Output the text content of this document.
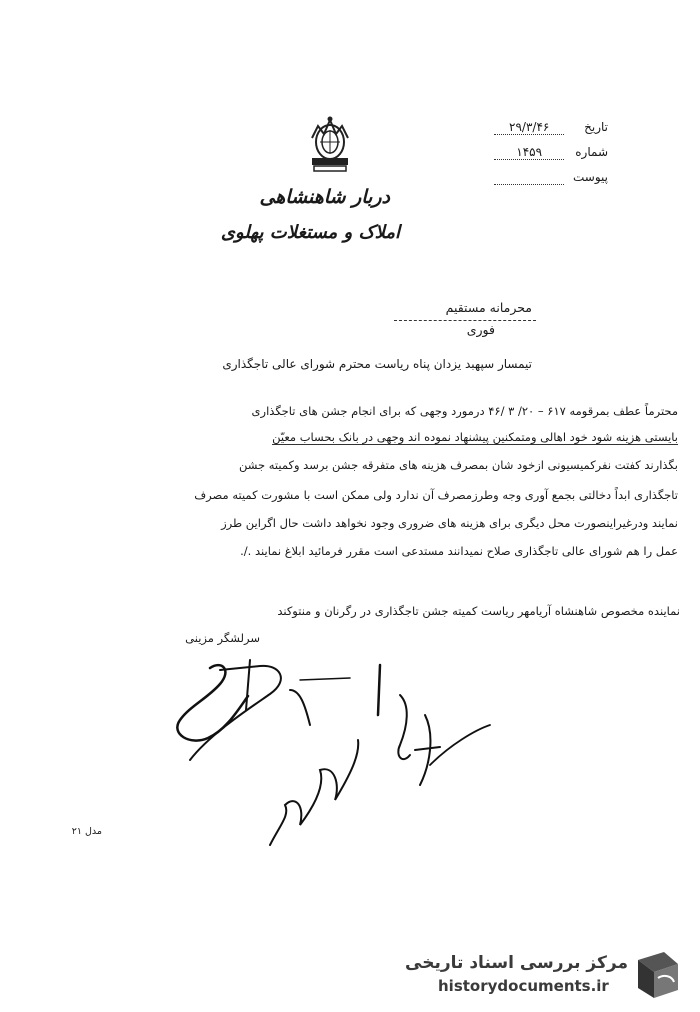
تاریخ ۲۹/۳/۴۶
شماره ۱۴۵۹
پیوست
دربار شاهنشاهی
املاک و مستغلات پهلوی
محرمانه مستقیم
فوری
تیمسار سپهبد یزدان پناه ریاست محترم شورای عالی تاجگذاری
محترماً عطف بمرقومه ۶۱۷ – ۲۰/ ۳ /۴۶ درمورد وجهی که برای انجام جشن های تاجگذاری
بایستی هزینه شود خود اهالی ومتمکنین پیشنهاد نموده اند وجهی در بانک بحساب معیّن
بگذارند کفتت نفرکمیسیونی ازخود شان بمصرف هزینه های متفرقه جشن برسد وکمیته جشن
تاجگذاری ابداً دخالتی بجمع آوری وجه وطرزمصرف آن ندارد ولی ممکن است با مشورت کمیته مصرف
نمایند ودرغیراینصورت محل دیگری برای هزینه های ضروری وجود نخواهد داشت حال اگراین طرز
عمل را هم شورای عالی تاجگذاری صلاح نمیدانند مستدعی است مقرر فرمائید ابلاغ نمایند ./.
نماینده مخصوص شاهنشاه آریامهر ریاست کمیته جشن تاجگذاری در رگرنان و منتوکند
سرلشگر مزینی
مدل ۲۱
مرکز بررسی اسناد تاریخی
historydocuments.ir
